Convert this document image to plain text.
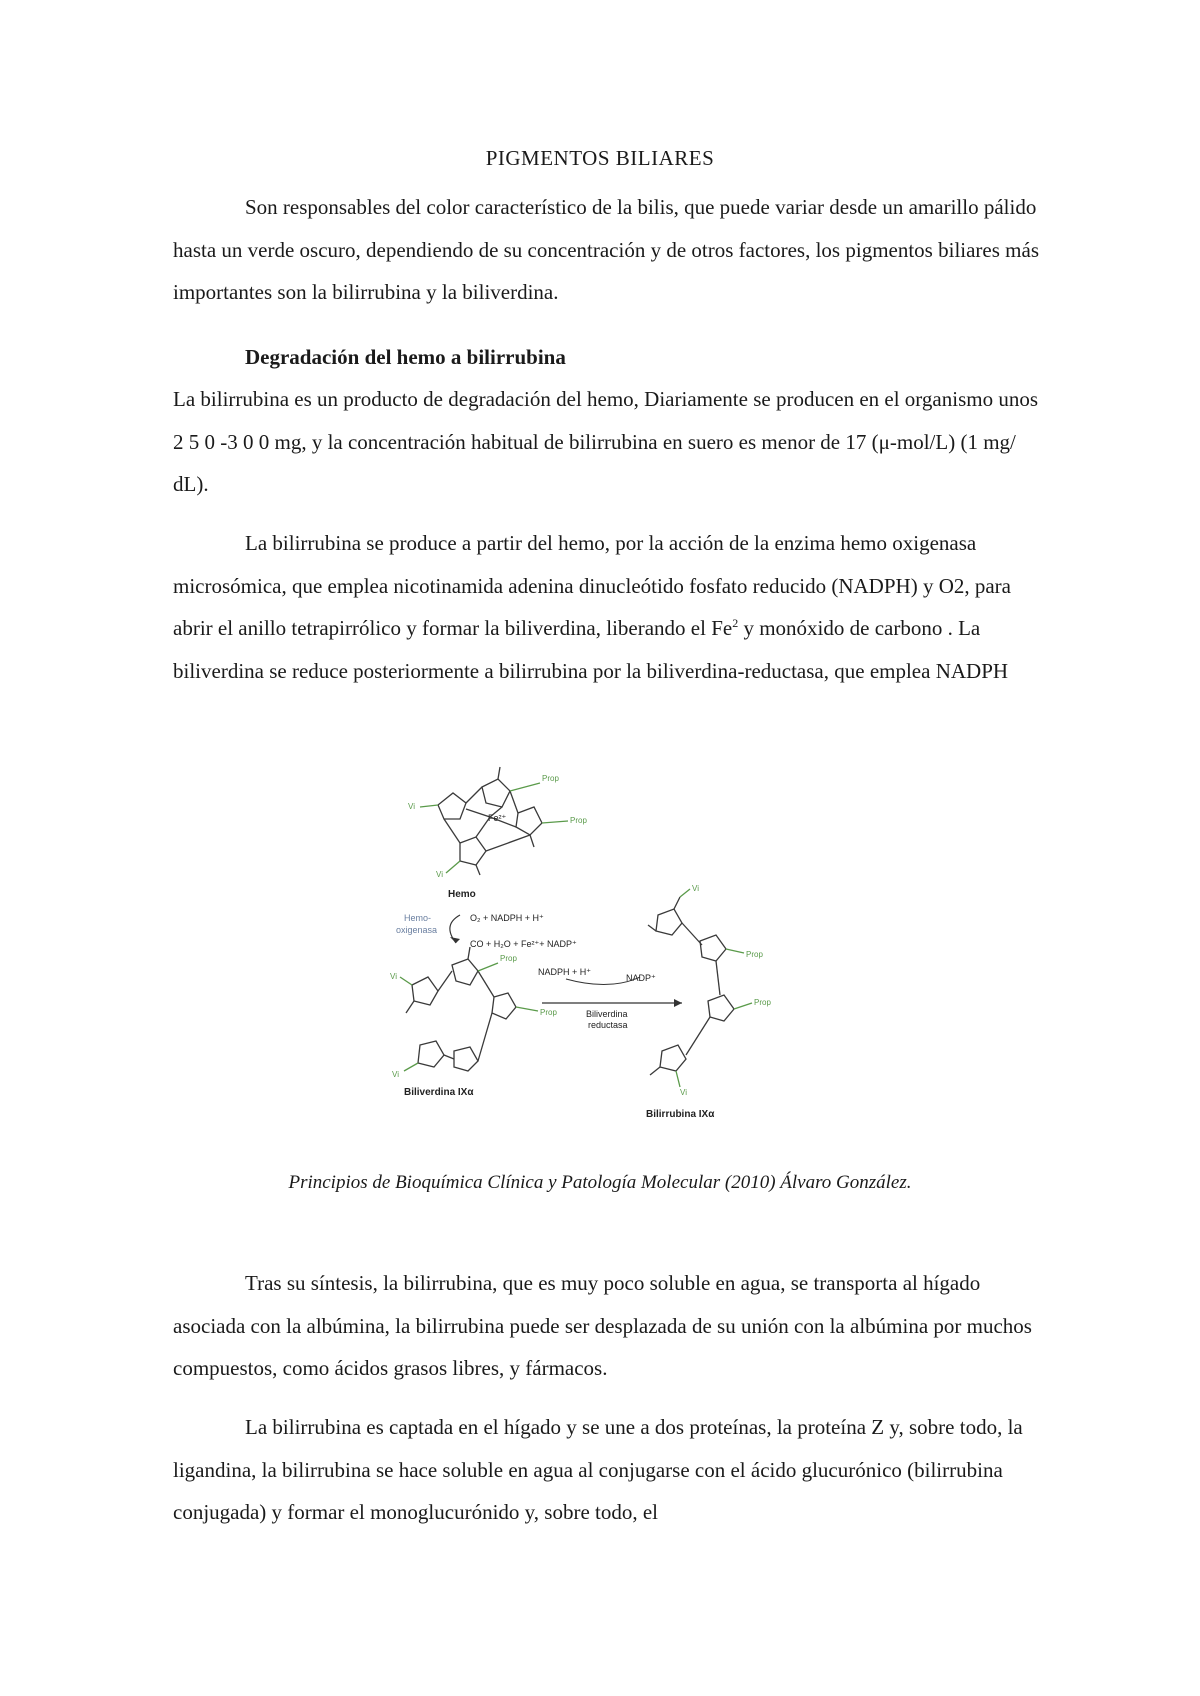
PIGMENTOS BILIARES

Son responsables del color característico de la bilis, que puede variar desde un amarillo pálido hasta un verde oscuro, dependiendo de su concentración y de otros factores, los pigmentos biliares más importantes son la bilirrubina y la biliverdina.

Degradación del hemo a bilirrubina

La bilirrubina es un producto de degradación del hemo, Diariamente se producen en el organismo unos 2 5 0 -3 0 0 mg, y la concentración habitual de bilirrubina en suero es menor de 17 (μ-mol/L) (1 mg/ dL).

La bilirrubina se produce a partir del hemo, por la acción de la enzima hemo oxigenasa microsómica, que emplea nicotinamida adenina dinucleótido fosfato reducido (NADPH) y O2, para abrir el anillo tetrapirrólico y formar la biliverdina, liberando el Fe$^2$ y monóxido de carbono . La biliverdina se reduce posteriormente a bilirrubina por la biliverdina-reductasa, que emplea NADPH

Fe²⁺
Prop
Prop
Vi
Vi
Hemo
Hemo-
oxigenasa
O₂ + NADPH + H⁺
CO + H₂O + Fe²⁺+ NADP⁺
Prop
Prop
Vi
Vi
Biliverdina IXα
NADPH + H⁺
NADP⁺
Biliverdina
reductasa
Prop
Prop
Vi
Vi
Bilirrubina IXα
Principios de Bioquímica Clínica y Patología Molecular (2010) Álvaro González.

Tras su síntesis, la bilirrubina, que es muy poco soluble en agua, se transporta al hígado asociada con la albúmina, la bilirrubina puede ser desplazada de su unión con la albúmina por muchos compuestos, como ácidos grasos libres, y fármacos.

La bilirrubina es captada en el hígado y se une a dos proteínas, la proteína Z y, sobre todo, la ligandina, la bilirrubina se hace soluble en agua al conjugarse con el ácido glucurónico (bilirrubina conjugada) y formar el monoglucurónido y, sobre todo, el
